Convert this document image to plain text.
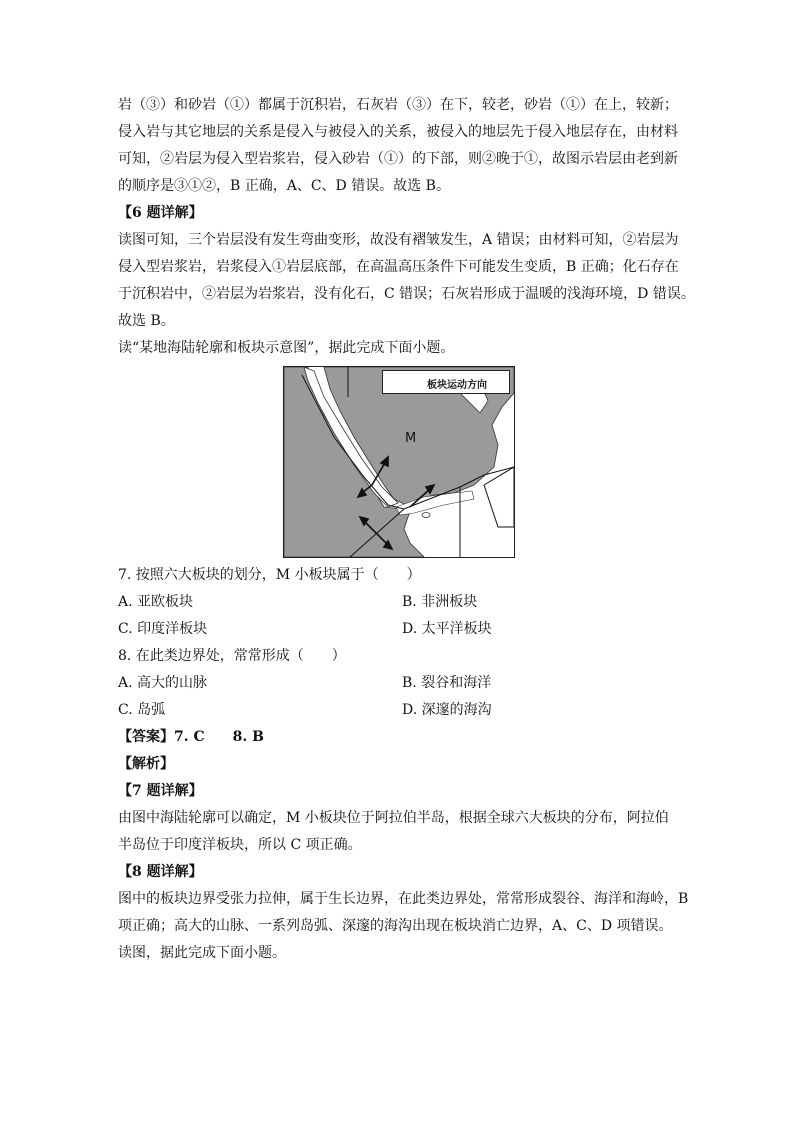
岩（③）和砂岩（①）都属于沉积岩，石灰岩（③）在下，较老，砂岩（①）在上，较新；

侵入岩与其它地层的关系是侵入与被侵入的关系，被侵入的地层先于侵入地层存在，由材料

可知，②岩层为侵入型岩浆岩，侵入砂岩（①）的下部，则②晚于①，故图示岩层由老到新

的顺序是③①②，B 正确，A、C、D 错误。故选 B。

【6 题详解】

读图可知，三个岩层没有发生弯曲变形，故没有褶皱发生，A 错误；由材料可知，②岩层为

侵入型岩浆岩，岩浆侵入①岩层底部，在高温高压条件下可能发生变质，B 正确；化石存在

于沉积岩中，②岩层为岩浆岩，没有化石，C 错误；石灰岩形成于温暖的浅海环境，D 错误。

故选 B。

读“某地海陆轮廓和板块示意图”，据此完成下面小题。

板块运动方向
M

7. 按照六大板块的划分，M 小板块属于（　　）

A. 亚欧板块	B. 非洲板块
C. 印度洋板块	D. 太平洋板块

8. 在此类边界处，常常形成（　　）

A. 高大的山脉	B. 裂谷和海洋
C. 岛弧	D. 深邃的海沟

【答案】7. C　　8. B

【解析】

【7 题详解】

由图中海陆轮廓可以确定，M 小板块位于阿拉伯半岛，根据全球六大板块的分布，阿拉伯

半岛位于印度洋板块，所以 C 项正确。

【8 题详解】

图中的板块边界受张力拉伸，属于生长边界，在此类边界处，常常形成裂谷、海洋和海岭，B

项正确；高大的山脉、一系列岛弧、深邃的海沟出现在板块消亡边界，A、C、D 项错误。

读图，据此完成下面小题。
